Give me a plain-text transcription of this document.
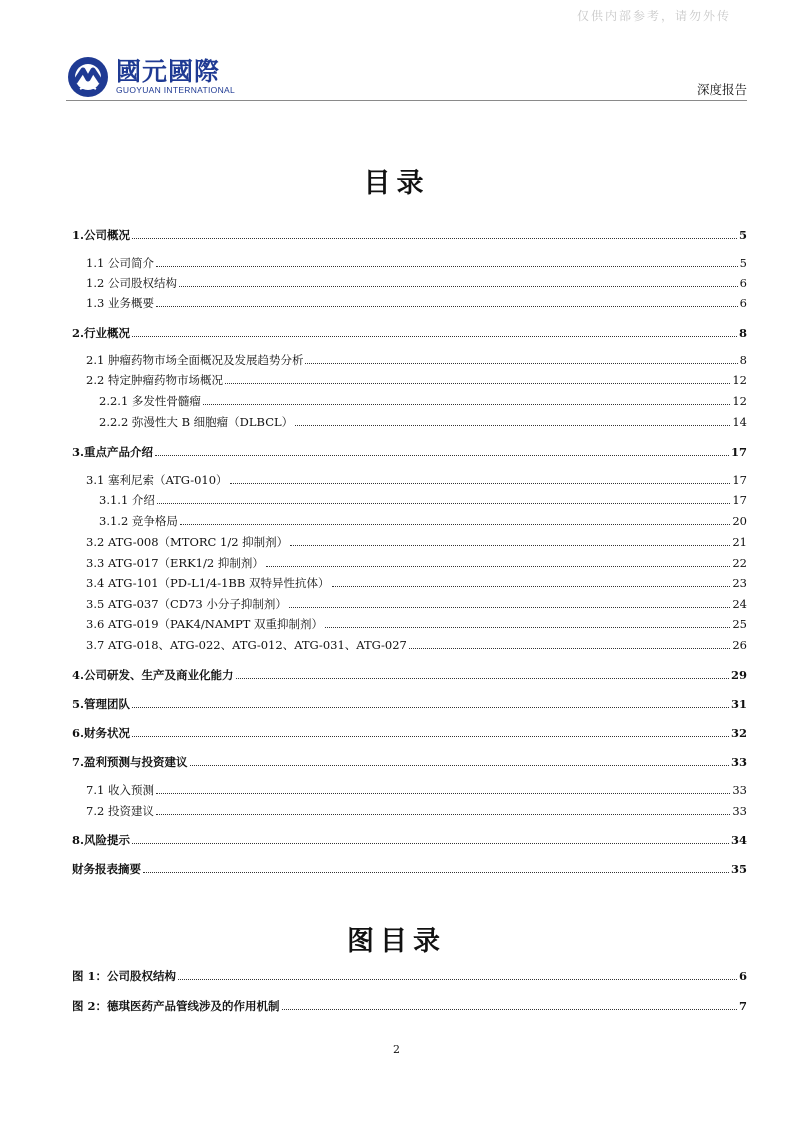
仅供内部参考，请勿外传
國元國際
GUOYUAN INTERNATIONAL	深度报告
目录
1.公司概况	5
1.1 公司简介	5
1.2 公司股权结构	6
1.3 业务概要	6
2.行业概况	8
2.1 肿瘤药物市场全面概况及发展趋势分析	8
2.2 特定肿瘤药物市场概况	12
2.2.1 多发性骨髓瘤	12
2.2.2 弥漫性大 B 细胞瘤（DLBCL）	14
3.重点产品介绍	17
3.1 塞利尼索（ATG-010）	17
3.1.1 介绍	17
3.1.2 竞争格局	20
3.2 ATG-008（MTORC 1/2 抑制剂）	21
3.3 ATG-017（ERK1/2 抑制剂）	22
3.4 ATG-101（PD-L1/4-1BB 双特异性抗体）	23
3.5 ATG-037（CD73 小分子抑制剂）	24
3.6 ATG-019（PAK4/NAMPT 双重抑制剂）	25
3.7 ATG-018、ATG-022、ATG-012、ATG-031、ATG-027	26
4.公司研发、生产及商业化能力	29
5.管理团队	31
6.财务状况	32
7.盈利预测与投资建议	33
7.1 收入预测	33
7.2 投资建议	33
8.风险提示	34
财务报表摘要	35
图目录
图 1：公司股权结构	6
图 2：德琪医药产品管线涉及的作用机制	7
2
